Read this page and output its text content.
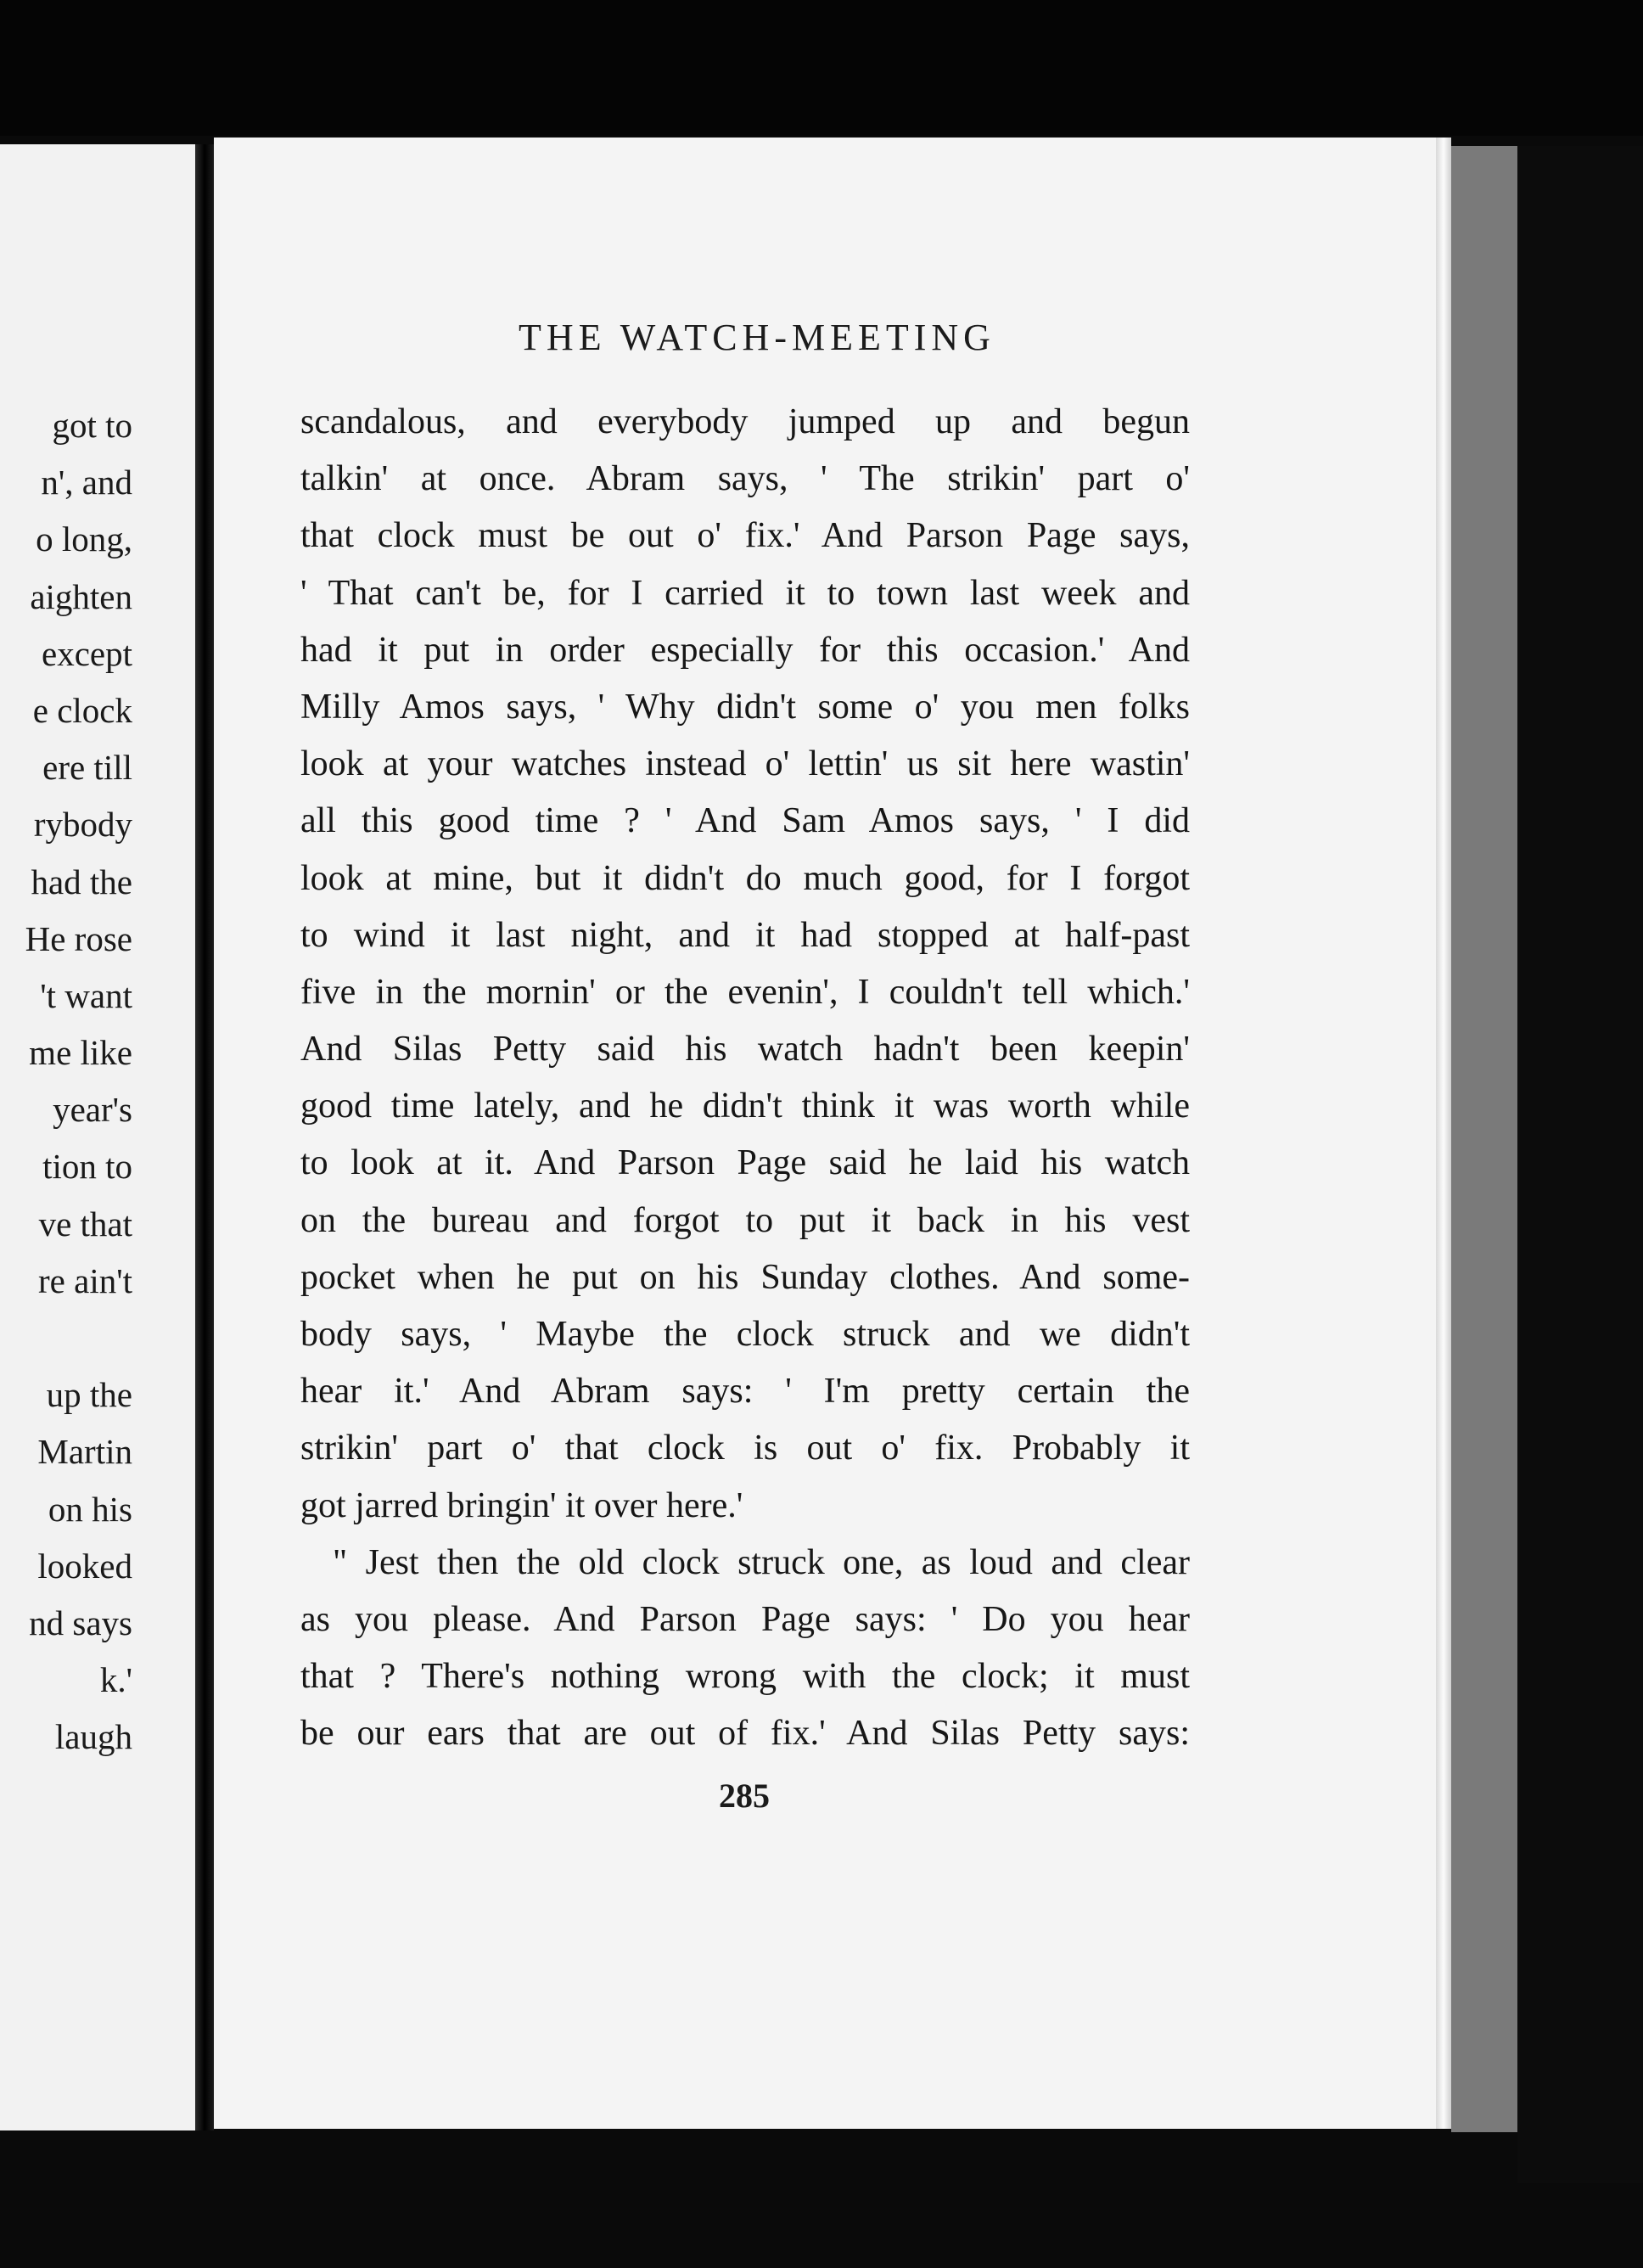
got to
n', and
o long,
aighten
except
e clock
ere till
rybody
had the
He rose
't want
me like
year's
tion to
ve that
re ain't
up the
Martin
on his
looked
nd says
k.'
laugh
THE WATCH-MEETING
scandalous, and everybody jumped up and begun
talkin' at once. Abram says, ' The strikin' part o'
that clock must be out o' fix.' And Parson Page says,
' That can't be, for I carried it to town last week and
had it put in order especially for this occasion.' And
Milly Amos says, ' Why didn't some o' you men folks
look at your watches instead o' lettin' us sit here wastin'
all this good time ? ' And Sam Amos says, ' I did
look at mine, but it didn't do much good, for I forgot
to wind it last night, and it had stopped at half-past
five in the mornin' or the evenin', I couldn't tell which.'
And Silas Petty said his watch hadn't been keepin'
good time lately, and he didn't think it was worth while
to look at it. And Parson Page said he laid his watch
on the bureau and forgot to put it back in his vest
pocket when he put on his Sunday clothes. And some-
body says, ' Maybe the clock struck and we didn't
hear it.' And Abram says: ' I'm pretty certain the
strikin' part o' that clock is out o' fix. Probably it
got jarred bringin' it over here.'
" Jest then the old clock struck one, as loud and clear
as you please. And Parson Page says: ' Do you hear
that ? There's nothing wrong with the clock; it must
be our ears that are out of fix.' And Silas Petty says:
285
